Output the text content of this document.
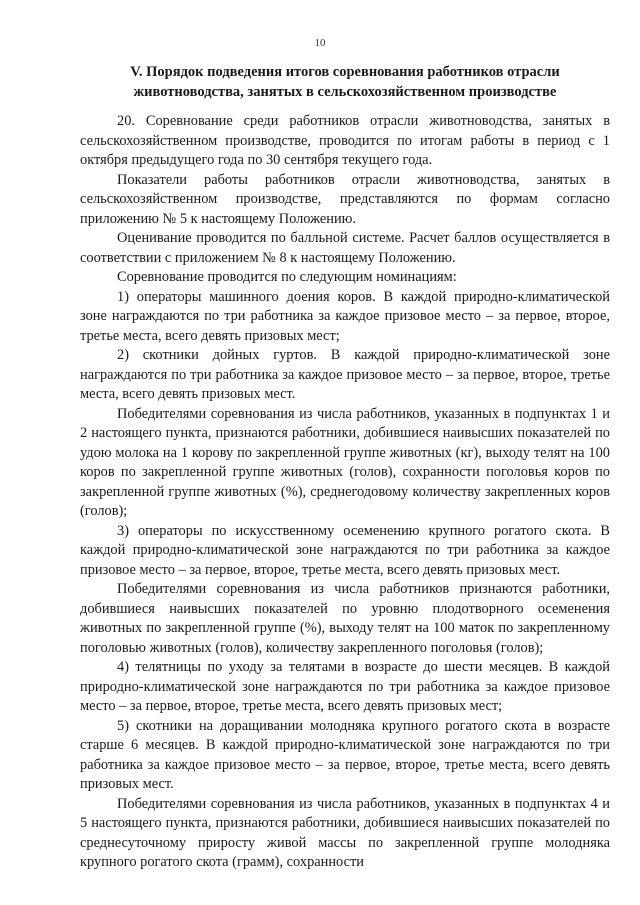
10
V. Порядок подведения итогов соревнования работников отрасли
животноводства, занятых в сельскохозяйственном производстве

20. Соревнование среди работников отрасли животноводства, занятых в сельскохозяйственном производстве, проводится по итогам работы в период с 1 октября предыдущего года по 30 сентября текущего года.

Показатели работы работников отрасли животноводства, занятых в сельскохозяйственном производстве, представляются по формам согласно приложению № 5 к настоящему Положению.

Оценивание проводится по балльной системе. Расчет баллов осуществляется в соответствии с приложением № 8 к настоящему Положению.

Соревнование проводится по следующим номинациям:

1) операторы машинного доения коров. В каждой природно-климатической зоне награждаются по три работника за каждое призовое место – за первое, второе, третье места, всего девять призовых мест;

2) скотники дойных гуртов. В каждой природно-климатической зоне награждаются по три работника за каждое призовое место – за первое, второе, третье места, всего девять призовых мест.

Победителями соревнования из числа работников, указанных в подпунктах 1 и 2 настоящего пункта, признаются работники, добившиеся наивысших показателей по удою молока на 1 корову по закрепленной группе животных (кг), выходу телят на 100 коров по закрепленной группе животных (голов), сохранности поголовья коров по закрепленной группе животных (%), среднегодовому количеству закрепленных коров (голов);

3) операторы по искусственному осеменению крупного рогатого скота. В каждой природно-климатической зоне награждаются по три работника за каждое призовое место – за первое, второе, третье места, всего девять призовых мест.

Победителями соревнования из числа работников признаются работники, добившиеся наивысших показателей по уровню плодотворного осеменения животных по закрепленной группе (%), выходу телят на 100 маток по закрепленному поголовью животных (голов), количеству закрепленного поголовья (голов);

4) телятницы по уходу за телятами в возрасте до шести месяцев. В каждой природно-климатической зоне награждаются по три работника за каждое призовое место – за первое, второе, третье места, всего девять призовых мест;

5) скотники на доращивании молодняка крупного рогатого скота в возрасте старше 6 месяцев. В каждой природно-климатической зоне награждаются по три работника за каждое призовое место – за первое, второе, третье места, всего девять призовых мест.

Победителями соревнования из числа работников, указанных в подпунктах 4 и 5 настоящего пункта, признаются работники, добившиеся наивысших показателей по среднесуточному приросту живой массы по закрепленной группе молодняка крупного рогатого скота (грамм), сохранности
